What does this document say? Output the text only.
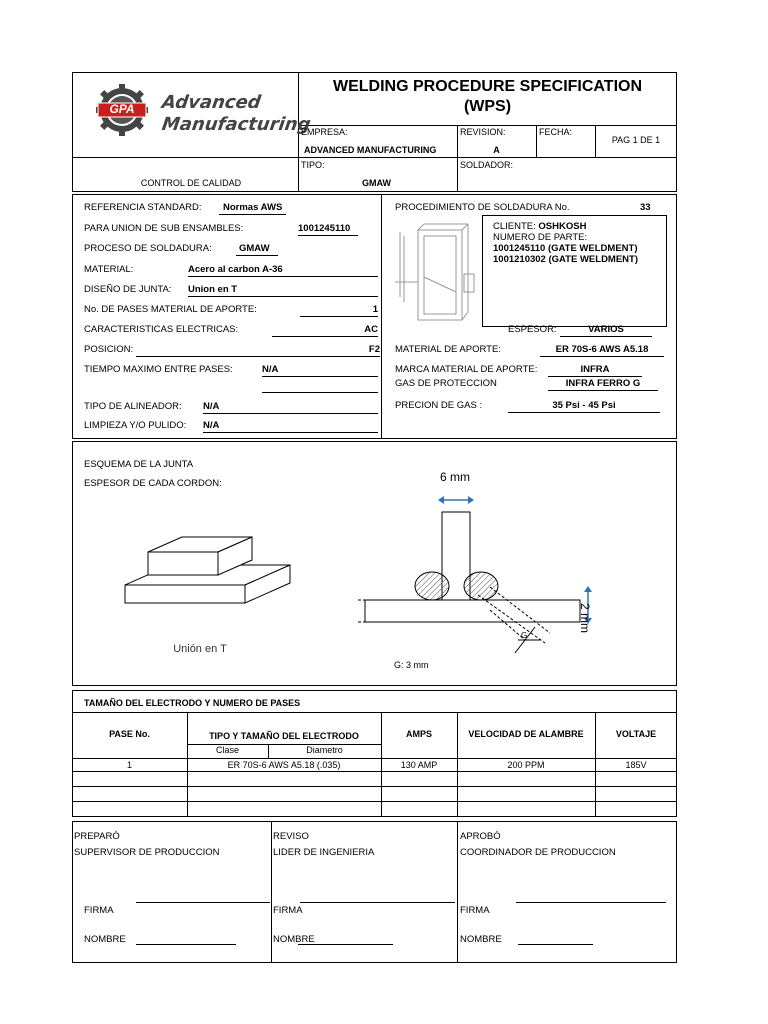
GPA	Advanced
Manufacturing
WELDING PROCEDURE SPECIFICATION
(WPS)
EMPRESA:
ADVANCED MANUFACTURING
REVISION:
A
FECHA:
PAG 1 DE 1
CONTROL DE CALIDAD
TIPO:
GMAW
SOLDADOR:
REFERENCIA STANDARD:	Normas AWS
PARA UNION DE SUB ENSAMBLES:	1001245110
PROCESO DE SOLDADURA:	GMAW
MATERIAL:	Acero al carbon A-36
DISEÑO DE JUNTA: Union en T
No. DE PASES MATERIAL DE APORTE:	1
CARACTERISTICAS ELECTRICAS:	AC
POSICION:	F2
TIEMPO MAXIMO ENTRE PASES:	N/A
TIPO DE ALINEADOR: N/A
LIMPIEZA Y/O PULIDO: N/A
PROCEDIMIENTO DE SOLDADURA No.	33
CLIENTE: OSHKOSH
NUMERO DE PARTE:
1001245110 (GATE WELDMENT)
1001210302 (GATE WELDMENT)
ESPESOR:	VARIOS
MATERIAL DE APORTE:	ER 70S-6 AWS A5.18
MARCA MATERIAL DE APORTE:	INFRA
GAS DE PROTECCION	INFRA FERRO G
PRECION DE GAS :	35 Psi - 45 Psi
ESQUEMA DE LA JUNTA
ESPESOR DE CADA CORDON:
Unión en T
6 mm
2 mm
G
G: 3 mm
TAMAÑO DEL ELECTRODO Y NUMERO DE PASES
PASE No.	TIPO Y TAMAÑO DEL ELECTRODO
Clase	Diametro
AMPS	VELOCIDAD DE ALAMBRE	VOLTAJE
1	ER 70S-6 AWS A5.18 (.035)	130 AMP	200 PPM	185V
PREPARÓ
SUPERVISOR DE PRODUCCION
REVISO
LIDER DE INGENIERIA
APROBÓ
COORDINADOR DE PRODUCCION
FIRMA	FIRMA	FIRMA
NOMBRE	NOMBRE	NOMBRE
